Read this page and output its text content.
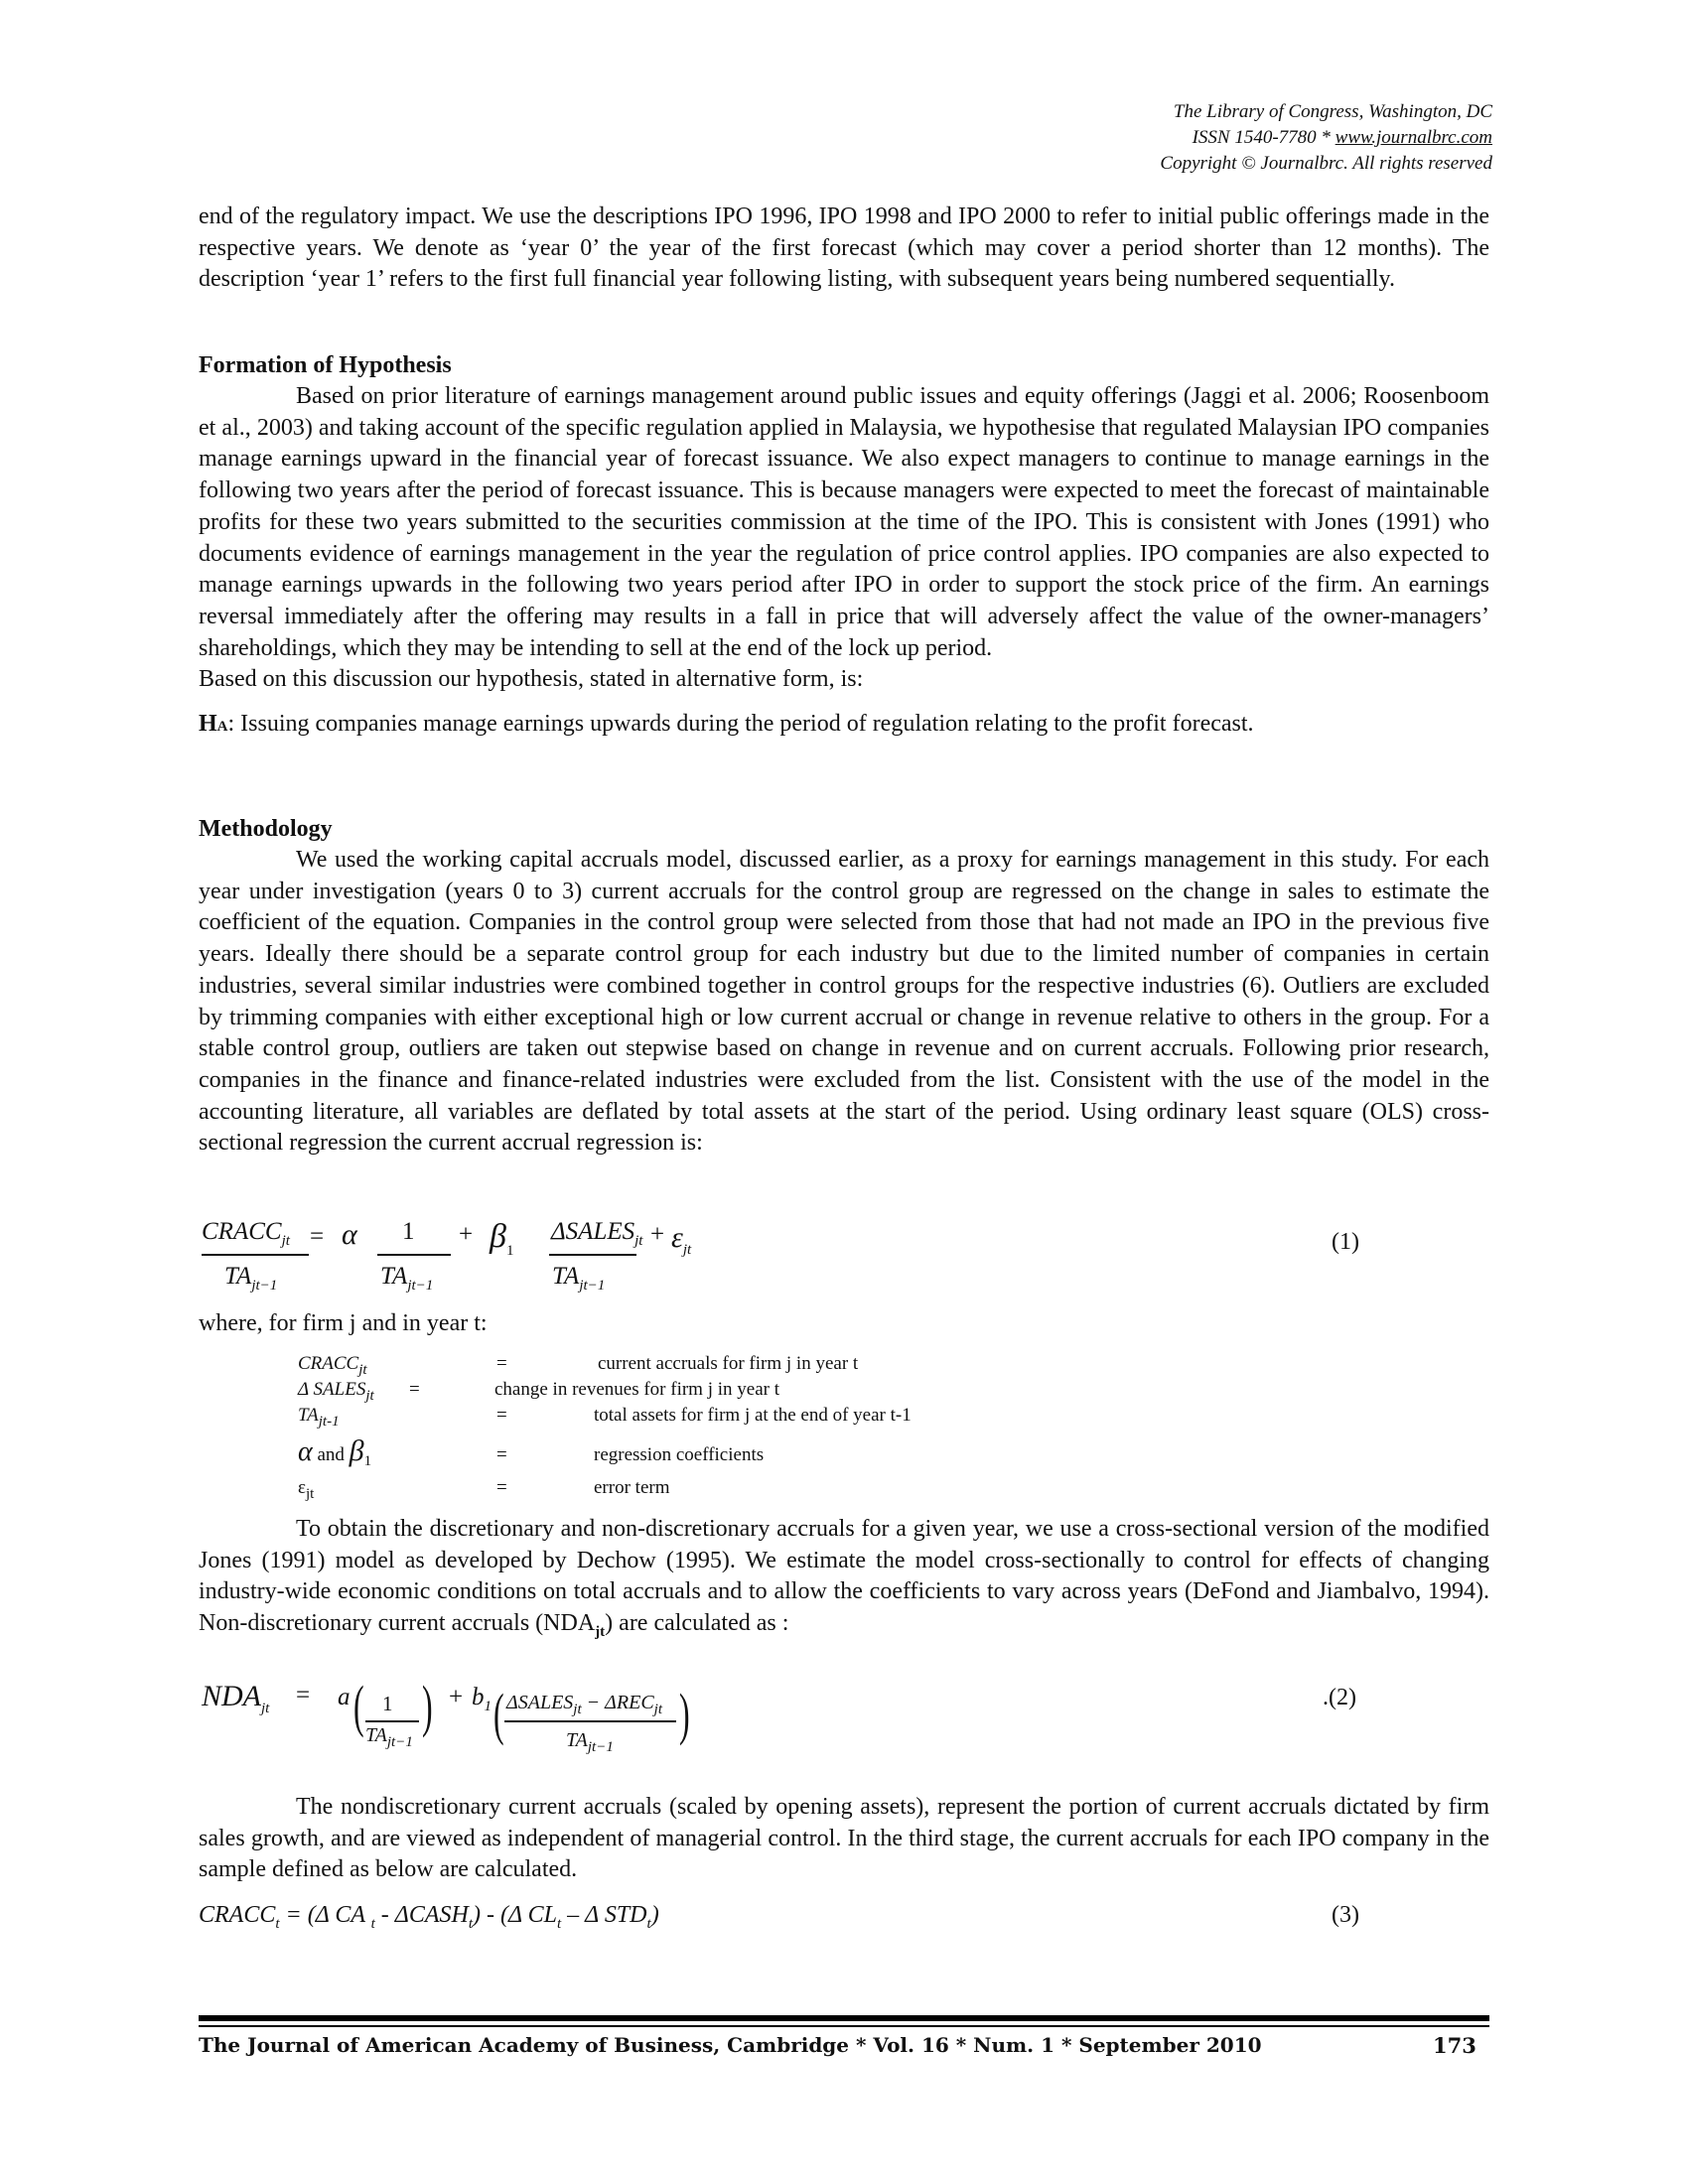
The Library of Congress, Washington, DC
ISSN 1540-7780 * www.journalbrc.com
Copyright © Journalbrc. All rights reserved

end of the regulatory impact. We use the descriptions IPO 1996, IPO 1998 and IPO 2000 to refer to initial public offerings made in the respective years. We denote as ‘year 0’ the year of the first forecast (which may cover a period shorter than 12 months). The description ‘year 1’ refers to the first full financial year following listing, with subsequent years being numbered sequentially.

Formation of Hypothesis

Based on prior literature of earnings management around public issues and equity offerings (Jaggi et al. 2006; Roosenboom et al., 2003) and taking account of the specific regulation applied in Malaysia, we hypothesise that regulated Malaysian IPO companies manage earnings upward in the financial year of forecast issuance. We also expect managers to continue to manage earnings in the following two years after the period of forecast issuance. This is because managers were expected to meet the forecast of maintainable profits for these two years submitted to the securities commission at the time of the IPO. This is consistent with Jones (1991) who documents evidence of earnings management in the year the regulation of price control applies. IPO companies are also expected to manage earnings upwards in the following two years period after IPO in order to support the stock price of the firm. An earnings reversal immediately after the offering may results in a fall in price that will adversely affect the value of the owner-managers’ shareholdings, which they may be intending to sell at the end of the lock up period.

Based on this discussion our hypothesis, stated in alternative form, is:

HA: Issuing companies manage earnings upwards during the period of regulation relating to the profit forecast.

Methodology

We used the working capital accruals model, discussed earlier, as a proxy for earnings management in this study. For each year under investigation (years 0 to 3) current accruals for the control group are regressed on the change in sales to estimate the coefficient of the equation. Companies in the control group were selected from those that had not made an IPO in the previous five years. Ideally there should be a separate control group for each industry but due to the limited number of companies in certain industries, several similar industries were combined together in control groups for the respective industries (6). Outliers are excluded by trimming companies with either exceptional high or low current accrual or change in revenue relative to others in the group. For a stable control group, outliers are taken out stepwise based on change in revenue and on current accruals. Following prior research, companies in the finance and finance-related industries were excluded from the list. Consistent with the use of the model in the accounting literature, all variables are deflated by total assets at the start of the period. Using ordinary least square (OLS) cross-sectional regression the current accrual regression is:

$CRACC_{jt}$
$TA_{jt-1}$
= α 1
$TA_{jt-1}$
+ $\beta_1$
$\Delta SALES_{jt}$
$TA_{jt-1}$
+ $\varepsilon_{jt}$	(1)
where, for firm j and in year t:
$CRACC_{jt}$	=	current accruals for firm j in year t
Δ $SALES_{jt}$ =	change in revenues for firm j in year t
$TA_{jt-1}$	=	total assets for firm j at the end of year t-1
α and $\beta_1$	=	regression coefficients
$\varepsilon_{jt}$	=	error term

To obtain the discretionary and non-discretionary accruals for a given year, we use a cross-sectional version of the modified Jones (1991) model as developed by Dechow (1995). We estimate the model cross-sectionally to control for effects of changing industry-wide economic conditions on total accruals and to allow the coefficients to vary across years (DeFond and Jiambalvo, 1994). Non-discretionary current accruals $(NDA_{jt})$ are calculated as :

$NDA_{jt} = a$ ( 1
$TA_{jt-1}$
) + $b_1$ ( $\Delta SALES_{jt} - \Delta REC_{jt}$
$TA_{jt-1}$
)	.(2)

The nondiscretionary current accruals (scaled by opening assets), represent the portion of current accruals dictated by firm sales growth, and are viewed as independent of managerial control. In the third stage, the current accruals for each IPO company in the sample defined as below are calculated.

$CRACC_t = (\Delta$ CA $_t - \Delta CASH_t) - (\Delta$ $CL_t$ – Δ $STD_t$)	(3)
The Journal of American Academy of Business, Cambridge * Vol. 16 * Num. 1 * September 2010	173
